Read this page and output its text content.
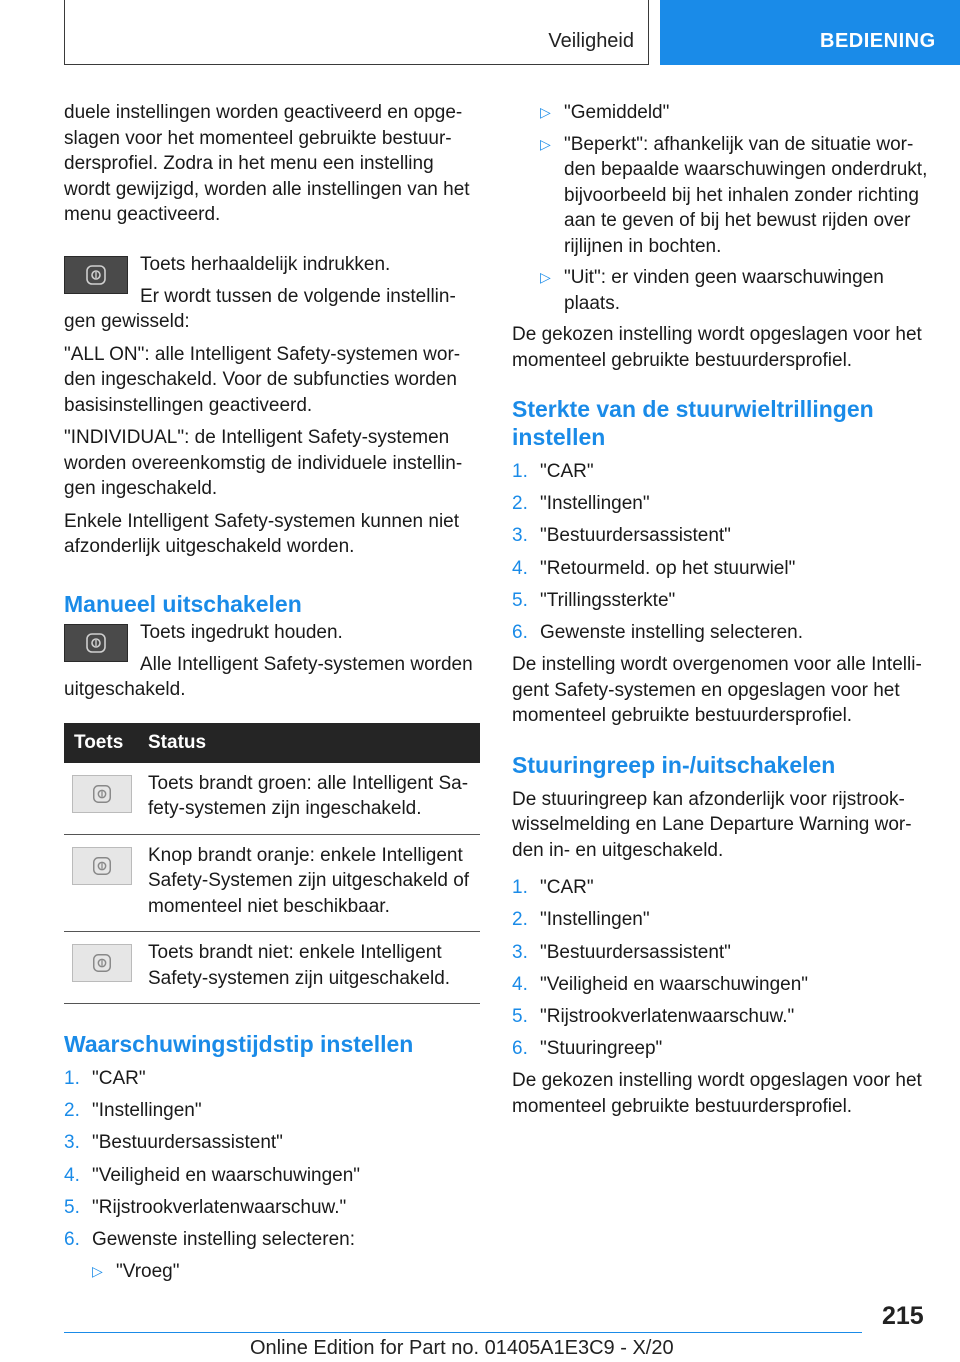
Veiligheid	BEDIENING

duele instellingen worden geactiveerd en opgeslagen voor het momenteel gebruikte bestuurdersprofiel. Zodra in het menu een instelling wordt gewijzigd, worden alle instellingen van het menu geactiveerd.

Toets herhaaldelijk indrukken.

Er wordt tussen de volgende instellingen gewisseld:

"ALL ON": alle Intelligent Safety-systemen worden ingeschakeld. Voor de subfuncties worden basisinstellingen geactiveerd.

"INDIVIDUAL": de Intelligent Safety-systemen worden overeenkomstig de individuele instellingen ingeschakeld.

Enkele Intelligent Safety-systemen kunnen niet afzonderlijk uitgeschakeld worden.

Manueel uitschakelen

Toets ingedrukt houden.

Alle Intelligent Safety-systemen worden uitgeschakeld.

Toets	Status

	Toets brandt groen: alle Intelligent Safety-systemen zijn ingeschakeld.

	Knop brandt oranje: enkele Intelligent Safety-Systemen zijn uitgeschakeld of momenteel niet beschikbaar.

	Toets brandt niet: enkele Intelligent Safety-systemen zijn uitgeschakeld.
Waarschuwingstijdstip instellen
1. "CAR"
2. "Instellingen"
3. "Bestuurdersassistent"
4. "Veiligheid en waarschuwingen"
5. "Rijstrookverlatenwaarschuw."
6. Gewenste instelling selecteren:
▷ "Vroeg"
▷ "Gemiddeld"
▷ "Beperkt": afhankelijk van de situatie worden bepaalde waarschuwingen onderdrukt, bijvoorbeeld bij het inhalen zonder richting aan te geven of bij het bewust rijden over rijlijnen in bochten.
▷ "Uit": er vinden geen waarschuwingen plaats.

De gekozen instelling wordt opgeslagen voor het momenteel gebruikte bestuurdersprofiel.

Sterkte van de stuurwieltrillingen instellen
1. "CAR"
2. "Instellingen"
3. "Bestuurdersassistent"
4. "Retourmeld. op het stuurwiel"
5. "Trillingssterkte"
6. Gewenste instelling selecteren.

De instelling wordt overgenomen voor alle Intelligent Safety-systemen en opgeslagen voor het momenteel gebruikte bestuurdersprofiel.

Stuuringreep in-/uitschakelen

De stuuringreep kan afzonderlijk voor rijstrookwisselmelding en Lane Departure Warning worden in- en uitgeschakeld.

1. "CAR"
2. "Instellingen"
3. "Bestuurdersassistent"
4. "Veiligheid en waarschuwingen"
5. "Rijstrookverlatenwaarschuw."
6. "Stuuringreep"

De gekozen instelling wordt opgeslagen voor het momenteel gebruikte bestuurdersprofiel.

215
Online Edition for Part no. 01405A1E3C9 - X/20
